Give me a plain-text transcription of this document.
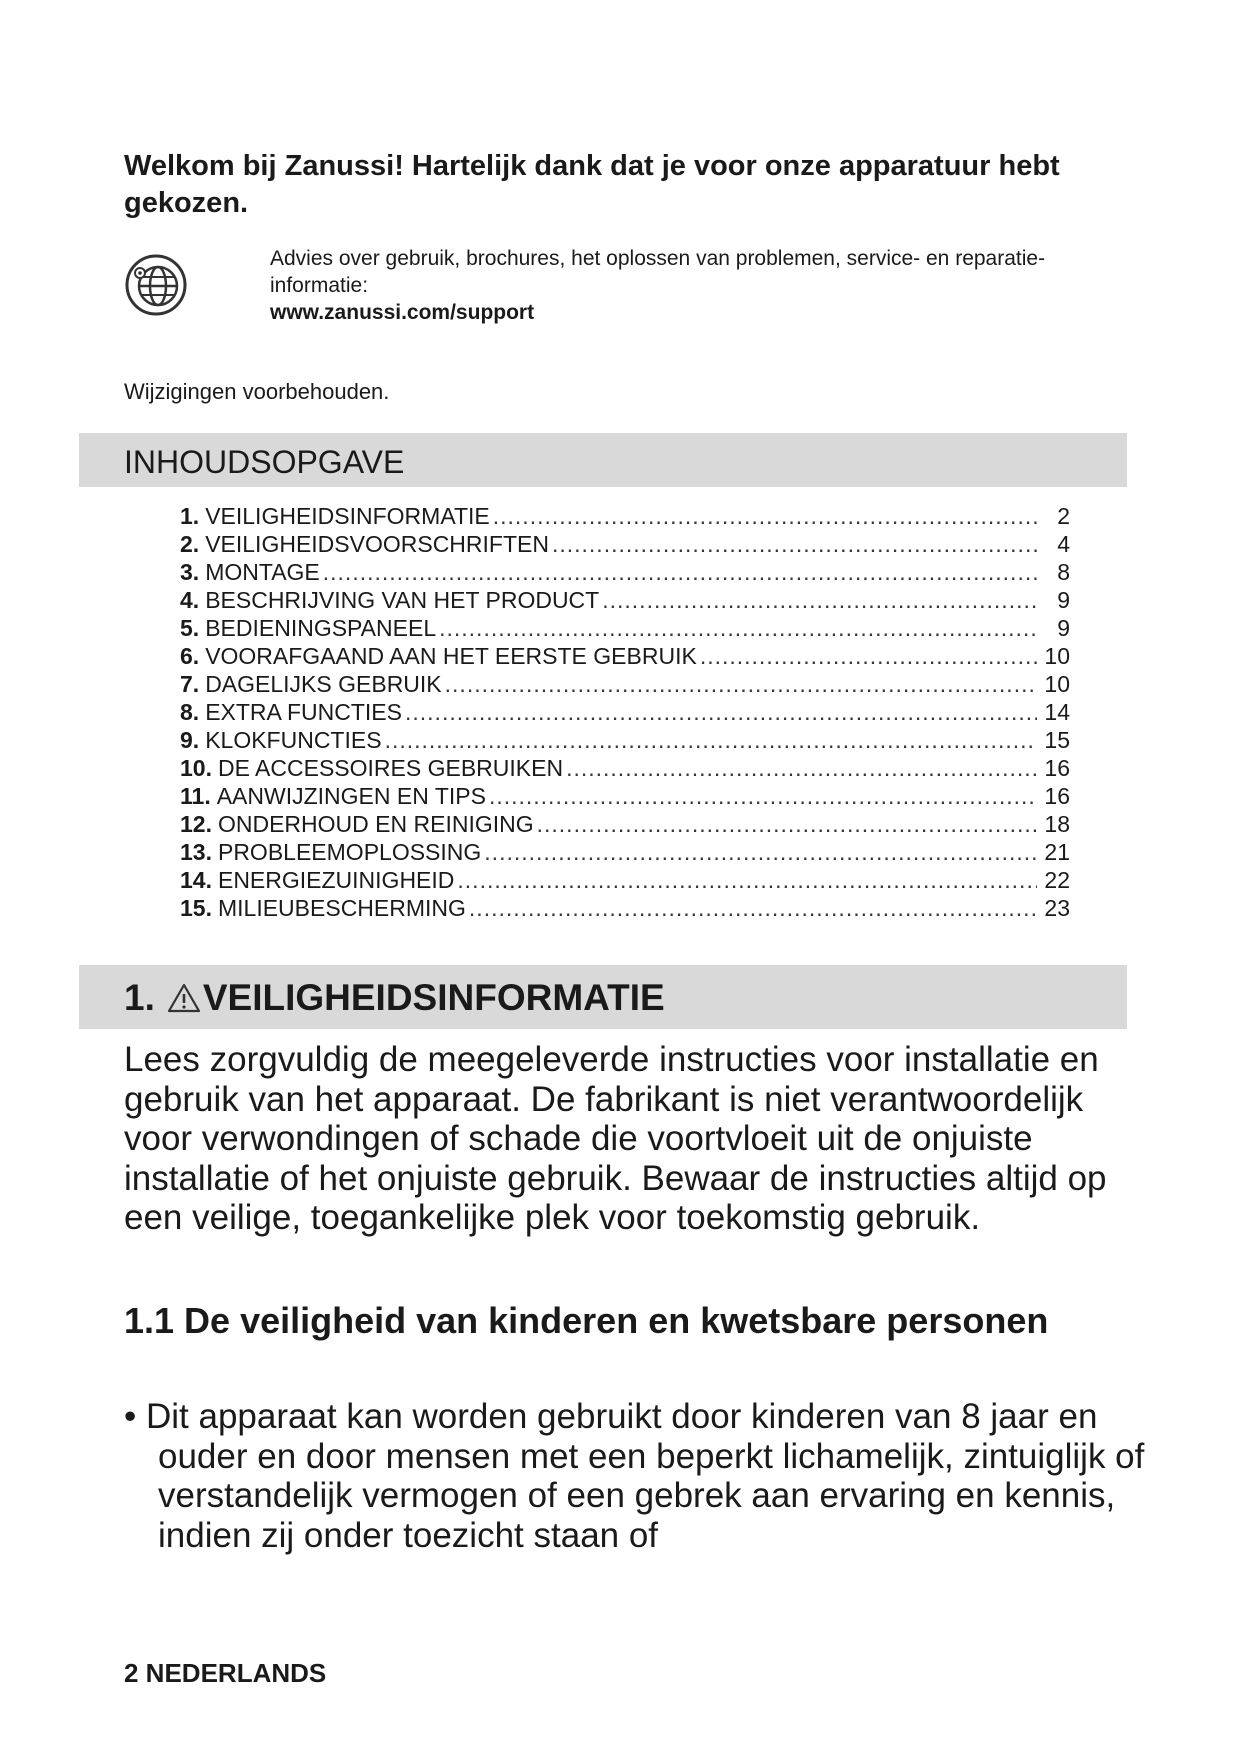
Welkom bij Zanussi! Hartelijk dank dat je voor onze apparatuur hebt gekozen.
Advies over gebruik, brochures, het oplossen van problemen, service- en reparatie-informatie:
www.zanussi.com/support
Wijzigingen voorbehouden.
INHOUDSOPGAVE
1. VEILIGHEIDSINFORMATIE .....	2
2. VEILIGHEIDSVOORSCHRIFTEN .....	4
3. MONTAGE .....	8
4. BESCHRIJVING VAN HET PRODUCT .....	9
5. BEDIENINGSPANEEL .....	9
6. VOORAFGAAND AAN HET EERSTE GEBRUIK .....	10
7. DAGELIJKS GEBRUIK .....	10
8. EXTRA FUNCTIES .....	14
9. KLOKFUNCTIES .....	15
10. DE ACCESSOIRES GEBRUIKEN .....	16
11. AANWIJZINGEN EN TIPS .....	16
12. ONDERHOUD EN REINIGING .....	18
13. PROBLEEMOPLOSSING .....	21
14. ENERGIEZUINIGHEID .....	22
15. MILIEUBESCHERMING .....	23
1. VEILIGHEIDSINFORMATIE

Lees zorgvuldig de meegeleverde instructies voor installatie en gebruik van het apparaat. De fabrikant is niet verantwoordelijk voor verwondingen of schade die voortvloeit uit de onjuiste installatie of het onjuiste gebruik. Bewaar de instructies altijd op een veilige, toegankelijke plek voor toekomstig gebruik.

1.1 De veiligheid van kinderen en kwetsbare personen

• Dit apparaat kan worden gebruikt door kinderen van 8 jaar en ouder en door mensen met een beperkt lichamelijk, zintuiglijk of verstandelijk vermogen of een gebrek aan ervaring en kennis, indien zij onder toezicht staan of

2 NEDERLANDS
